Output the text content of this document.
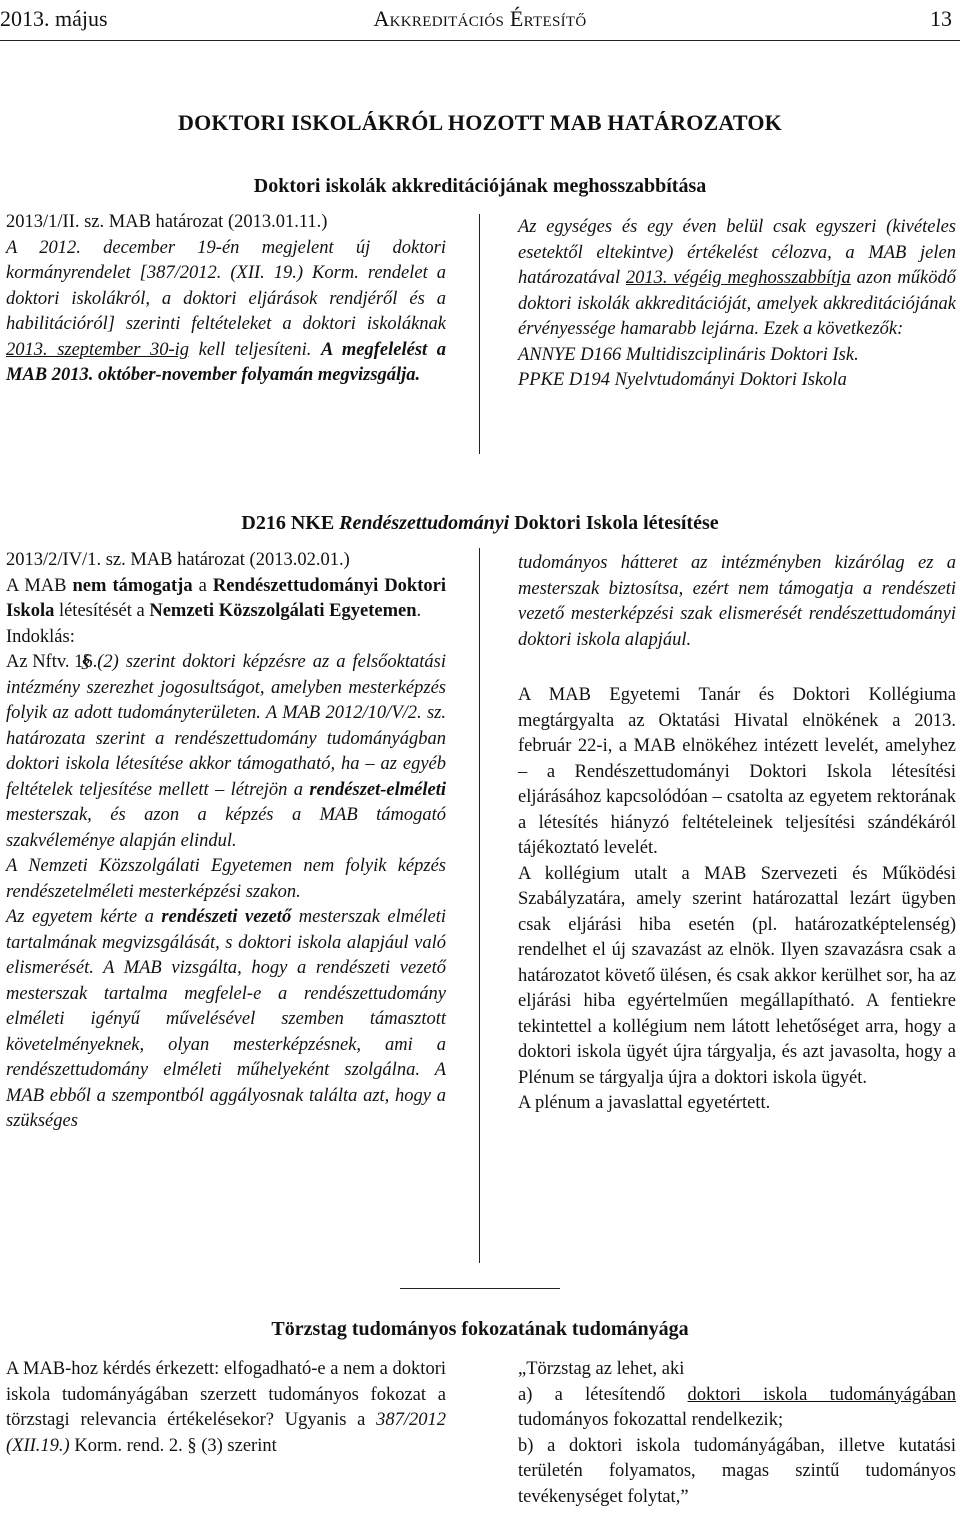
2013. május	Akkreditációs Értesítő	13
DOKTORI ISKOLÁKRÓL HOZOTT MAB HATÁROZATOK
Doktori iskolák akkreditációjának meghosszabbítása

2013/1/II. sz. MAB határozat (2013.01.11.)

A 2012. december 19-én megjelent új doktori kormányrendelet [387/2012. (XII. 19.) Korm. rendelet a doktori iskolákról, a doktori eljárások rendjéről és a habilitációról] szerinti feltételeket a doktori iskoláknak 2013. szeptember 30-ig kell teljesíteni. A megfelelést a MAB 2013. október-november folyamán megvizsgálja.

Az egységes és egy éven belül csak egyszeri (kivételes esetektől eltekintve) értékelést célozva, a MAB jelen határozatával 2013. végéig meghosszabbítja azon működő doktori iskolák akkreditációját, amelyek akkreditációjának érvényessége hamarabb lejárna. Ezek a következők:

ANNYE D166 Multidiszciplináris Doktori Isk.

PPKE D194 Nyelvtudományi Doktori Iskola

D216 NKE Rendészettudományi Doktori Iskola létesítése

2013/2/IV/1. sz. MAB határozat (2013.02.01.)

A MAB nem támogatja a Rendészettudományi Doktori Iskola létesítését a Nemzeti Közszolgálati Egyetemen.

Indoklás:

Az Nftv. 16.

§ (2) szerint doktori képzésre az a felsőoktatási intézmény szerezhet jogosultságot, amelyben mesterképzés folyik az adott tudományterületen. A MAB 2012/10/V/2. sz. határozata szerint a rendészettudomány tudományágban doktori iskola létesítése akkor támogatható, ha – az egyéb feltételek teljesítése mellett – létrejön a rendészet-elméleti mesterszak, és azon a képzés a MAB támogató szakvéleménye alapján elindul.

A Nemzeti Közszolgálati Egyetemen nem folyik képzés rendészetelméleti mesterképzési szakon.

Az egyetem kérte a rendészeti vezető mesterszak elméleti tartalmának megvizsgálását, s doktori iskola alapjául való elismerését. A MAB vizsgálta, hogy a rendészeti vezető mesterszak tartalma megfelel-e a rendészettudomány elméleti igényű művelésével szemben támasztott követelményeknek, olyan mesterképzésnek, ami a rendészettudomány elméleti műhelyeként szolgálna. A MAB ebből a szempontból aggályosnak találta azt, hogy a szükséges

tudományos hátteret az intézményben kizárólag ez a mesterszak biztosítsa, ezért nem támogatja a rendészeti vezető mesterképzési szak elismerését rendészettudományi doktori iskola alapjául.

A MAB Egyetemi Tanár és Doktori Kollégiuma megtárgyalta az Oktatási Hivatal elnökének a 2013. február 22-i, a MAB elnökéhez intézett levelét, amelyhez – a Rendészettudományi Doktori Iskola létesítési eljárásához kapcsolódóan – csatolta az egyetem rektorának a létesítés hiányzó feltételeinek teljesítési szándékáról tájékoztató levelét.

A kollégium utalt a MAB Szervezeti és Működési Szabályzatára, amely szerint határozattal lezárt ügyben csak eljárási hiba esetén (pl. határozatképtelenség) rendelhet el új szavazást az elnök. Ilyen szavazásra csak a határozatot követő ülésen, és csak akkor kerülhet sor, ha az eljárási hiba egyértelműen megállapítható. A fentiekre tekintettel a kollégium nem látott lehetőséget arra, hogy a doktori iskola ügyét újra tárgyalja, és azt javasolta, hogy a Plénum se tárgyalja újra a doktori iskola ügyét.

A plénum a javaslattal egyetértett.

Törzstag tudományos fokozatának tudományága

A MAB-hoz kérdés érkezett: elfogadható-e a nem a doktori iskola tudományágában szerzett tudományos fokozat a törzstagi relevancia értékelésekor? Ugyanis a 387/2012 (XII.19.) Korm. rend. 2. § (3) szerint

„Törzstag az lehet, aki

a) a létesítendő doktori iskola tudományágában tudományos fokozattal rendelkezik;

b) a doktori iskola tudományágában, illetve kutatási területén folyamatos, magas szintű tudományos tevékenységet folytat,”
